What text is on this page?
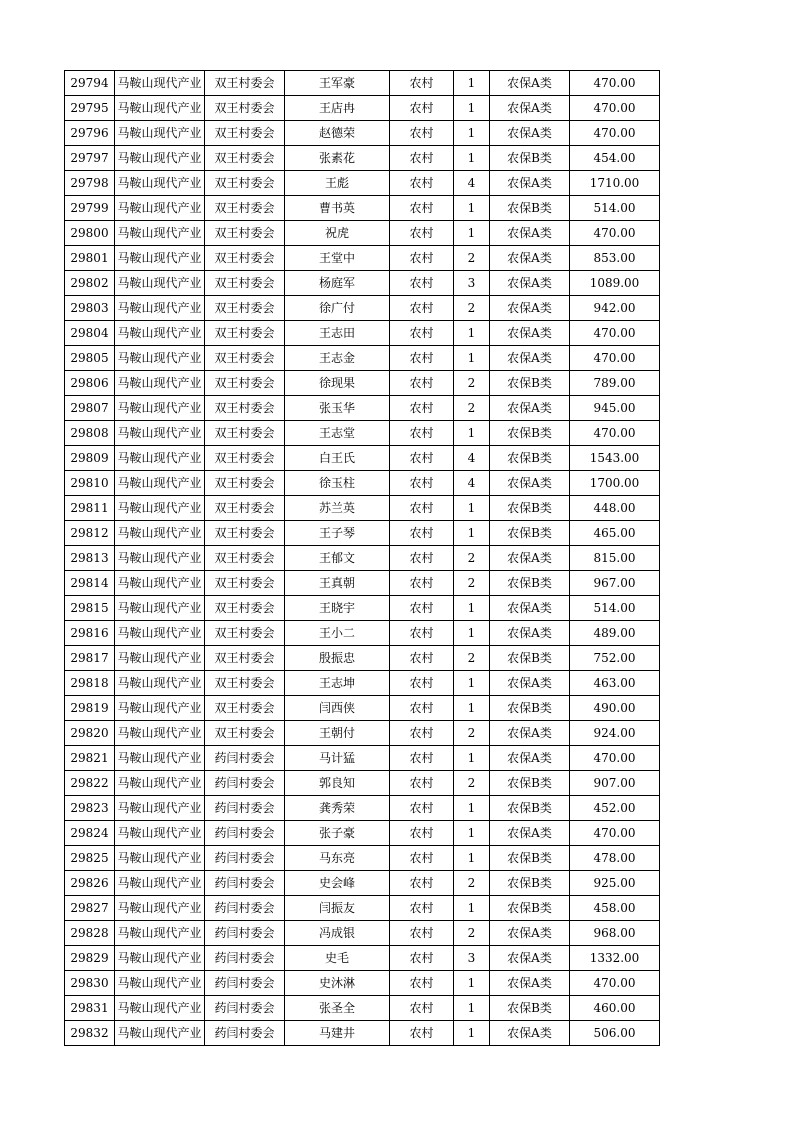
29794	马鞍山现代产业	双王村委会	王军豪	农村	1	农保A类	470.00
29795	马鞍山现代产业	双王村委会	王店冉	农村	1	农保A类	470.00
29796	马鞍山现代产业	双王村委会	赵德荣	农村	1	农保A类	470.00
29797	马鞍山现代产业	双王村委会	张素花	农村	1	农保B类	454.00
29798	马鞍山现代产业	双王村委会	王彪	农村	4	农保A类	1710.00
29799	马鞍山现代产业	双王村委会	曹书英	农村	1	农保B类	514.00
29800	马鞍山现代产业	双王村委会	祝虎	农村	1	农保A类	470.00
29801	马鞍山现代产业	双王村委会	王堂中	农村	2	农保A类	853.00
29802	马鞍山现代产业	双王村委会	杨庭军	农村	3	农保A类	1089.00
29803	马鞍山现代产业	双王村委会	徐广付	农村	2	农保A类	942.00
29804	马鞍山现代产业	双王村委会	王志田	农村	1	农保A类	470.00
29805	马鞍山现代产业	双王村委会	王志金	农村	1	农保A类	470.00
29806	马鞍山现代产业	双王村委会	徐现果	农村	2	农保B类	789.00
29807	马鞍山现代产业	双王村委会	张玉华	农村	2	农保A类	945.00
29808	马鞍山现代产业	双王村委会	王志堂	农村	1	农保B类	470.00
29809	马鞍山现代产业	双王村委会	白王氏	农村	4	农保B类	1543.00
29810	马鞍山现代产业	双王村委会	徐玉柱	农村	4	农保A类	1700.00
29811	马鞍山现代产业	双王村委会	苏兰英	农村	1	农保B类	448.00
29812	马鞍山现代产业	双王村委会	王子琴	农村	1	农保B类	465.00
29813	马鞍山现代产业	双王村委会	王郁文	农村	2	农保A类	815.00
29814	马鞍山现代产业	双王村委会	王真朝	农村	2	农保B类	967.00
29815	马鞍山现代产业	双王村委会	王晓宇	农村	1	农保A类	514.00
29816	马鞍山现代产业	双王村委会	王小二	农村	1	农保A类	489.00
29817	马鞍山现代产业	双王村委会	殷振忠	农村	2	农保B类	752.00
29818	马鞍山现代产业	双王村委会	王志坤	农村	1	农保A类	463.00
29819	马鞍山现代产业	双王村委会	闫西侠	农村	1	农保B类	490.00
29820	马鞍山现代产业	双王村委会	王朝付	农村	2	农保A类	924.00
29821	马鞍山现代产业	药闫村委会	马计猛	农村	1	农保A类	470.00
29822	马鞍山现代产业	药闫村委会	郭良知	农村	2	农保B类	907.00
29823	马鞍山现代产业	药闫村委会	龚秀荣	农村	1	农保B类	452.00
29824	马鞍山现代产业	药闫村委会	张子豪	农村	1	农保A类	470.00
29825	马鞍山现代产业	药闫村委会	马东亮	农村	1	农保B类	478.00
29826	马鞍山现代产业	药闫村委会	史会峰	农村	2	农保B类	925.00
29827	马鞍山现代产业	药闫村委会	闫振友	农村	1	农保B类	458.00
29828	马鞍山现代产业	药闫村委会	冯成银	农村	2	农保A类	968.00
29829	马鞍山现代产业	药闫村委会	史毛	农村	3	农保A类	1332.00
29830	马鞍山现代产业	药闫村委会	史沐淋	农村	1	农保A类	470.00
29831	马鞍山现代产业	药闫村委会	张圣全	农村	1	农保B类	460.00
29832	马鞍山现代产业	药闫村委会	马建井	农村	1	农保A类	506.00
